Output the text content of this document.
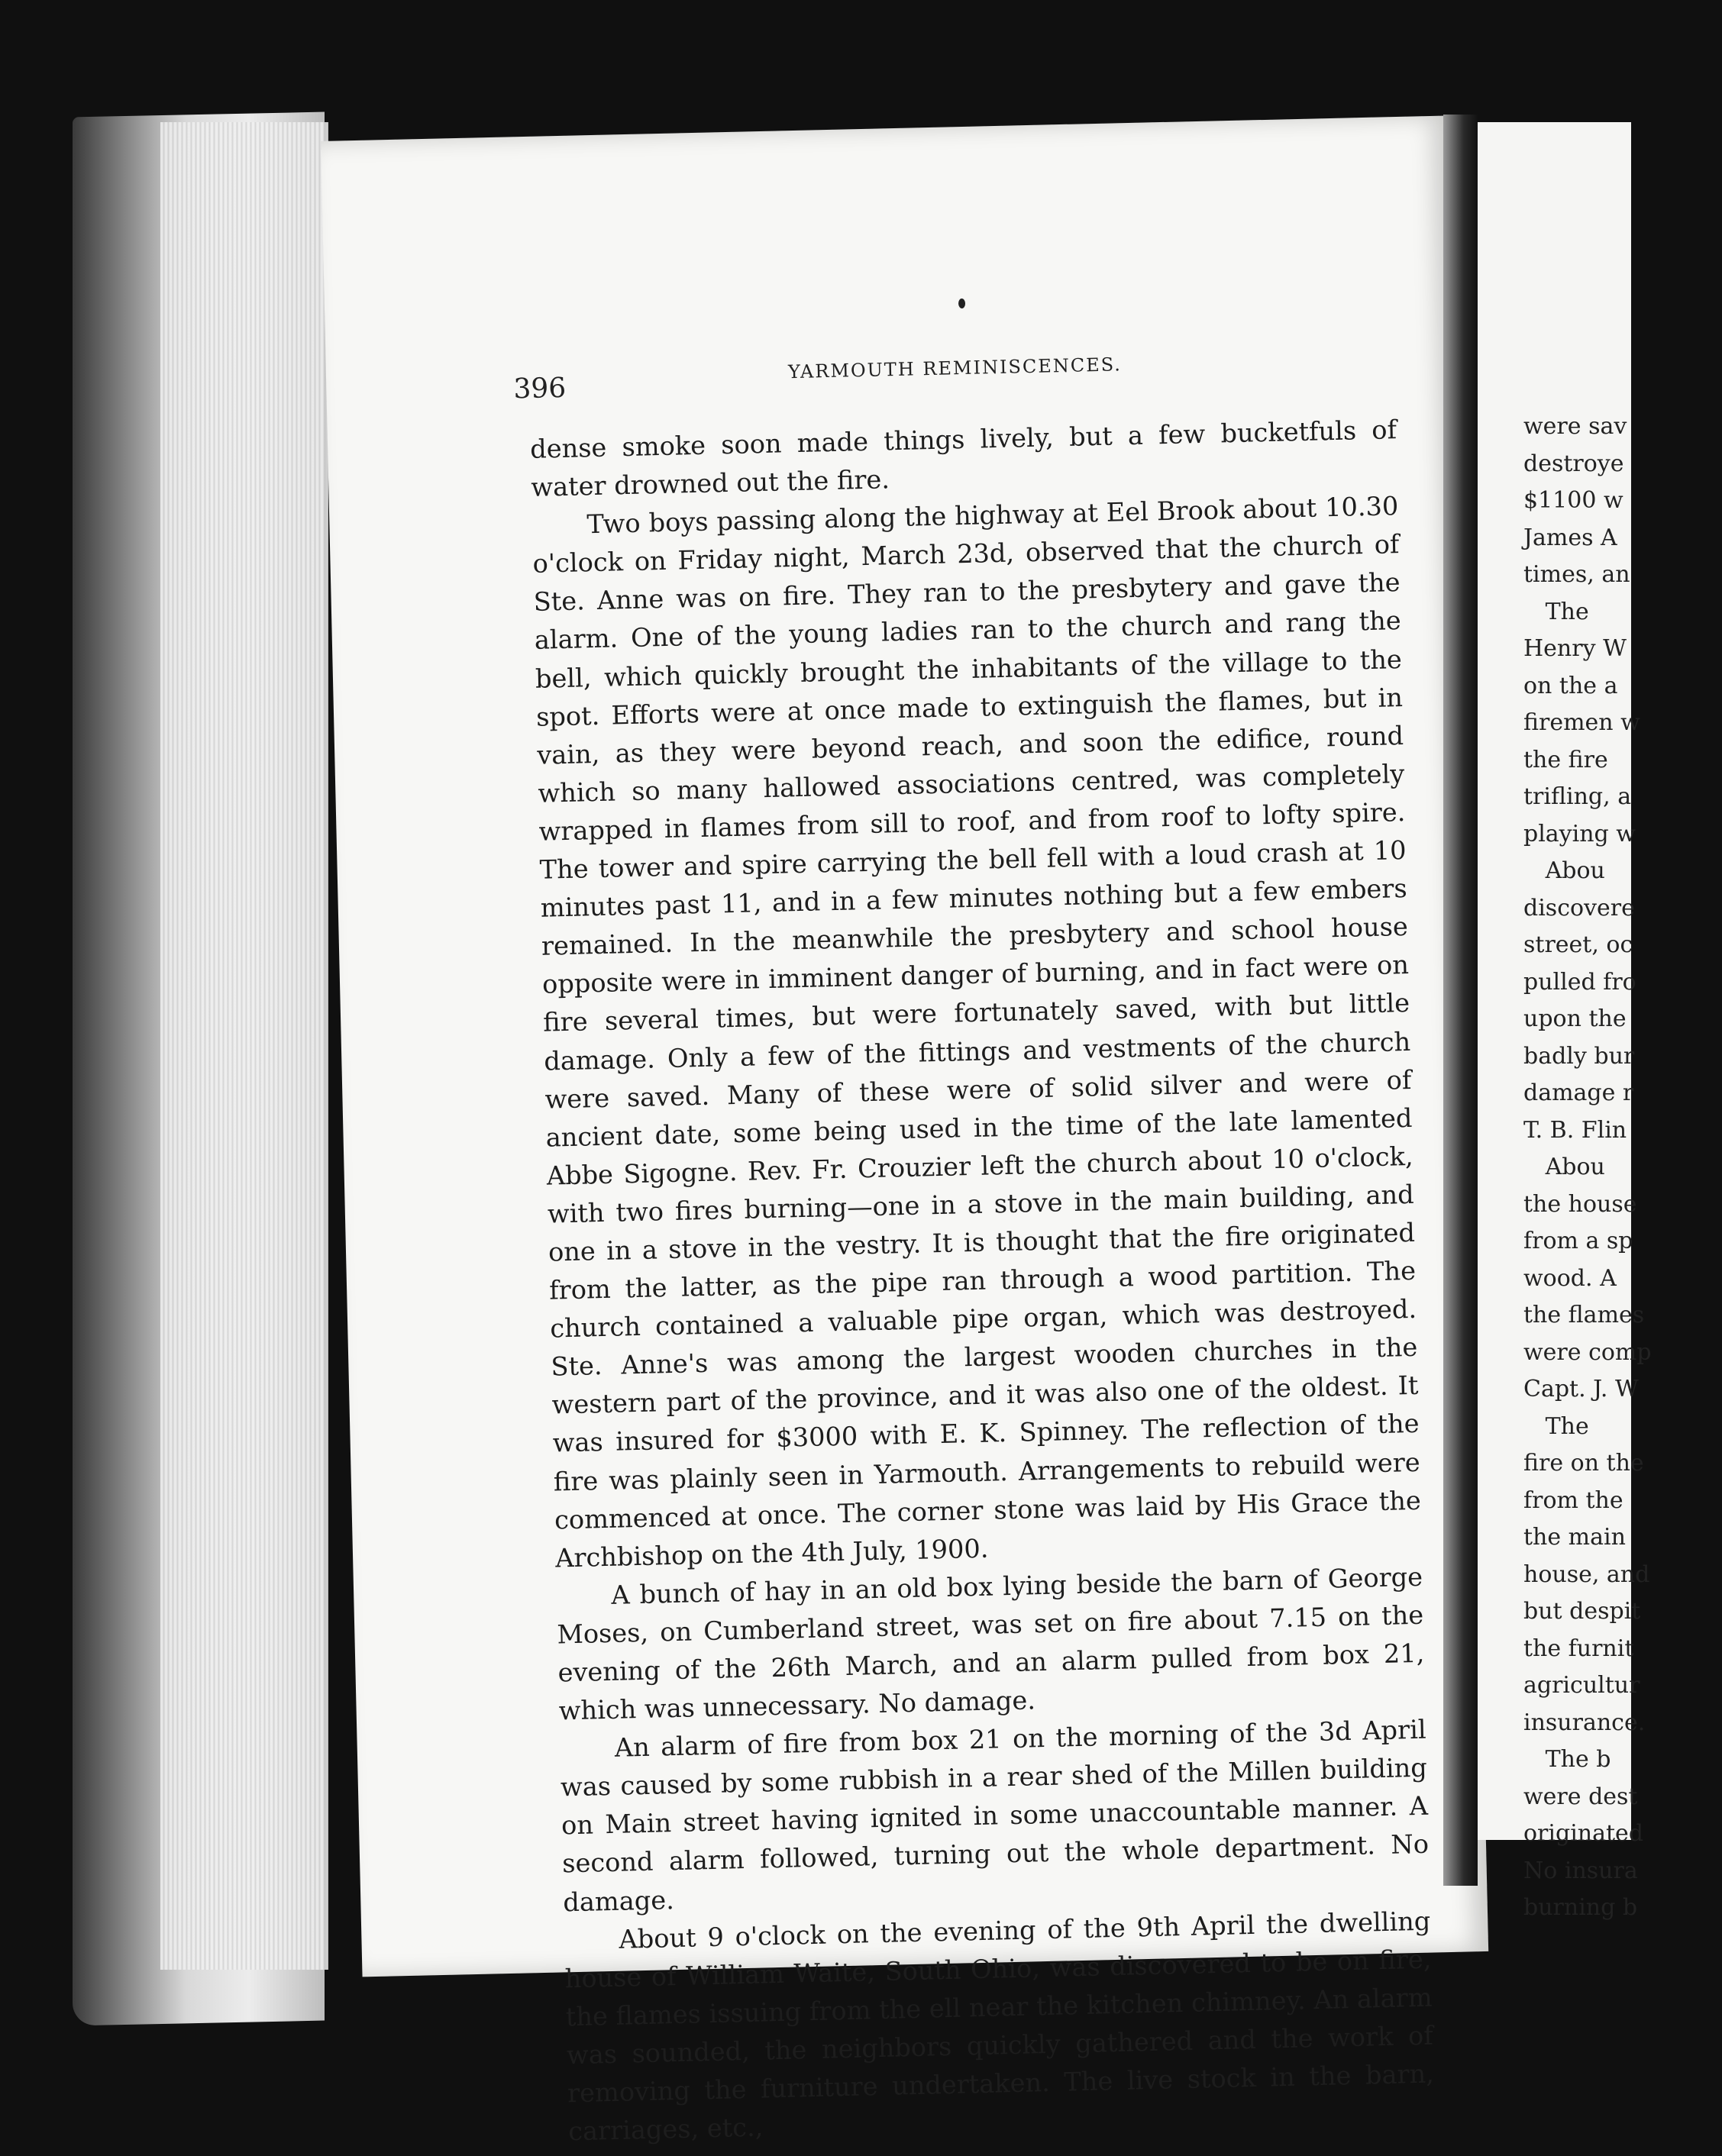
396
YARMOUTH REMINISCENCES.

dense smoke soon made things lively, but a few bucketfuls of water drowned out the fire.

Two boys passing along the highway at Eel Brook about 10.30 o'clock on Friday night, March 23d, observed that the church of Ste. Anne was on fire. They ran to the presbytery and gave the alarm. One of the young ladies ran to the church and rang the bell, which quickly brought the inhabitants of the village to the spot. Efforts were at once made to extinguish the flames, but in vain, as they were beyond reach, and soon the edifice, round which so many hallowed associations centred, was completely wrapped in flames from sill to roof, and from roof to lofty spire. The tower and spire carrying the bell fell with a loud crash at 10 minutes past 11, and in a few minutes nothing but a few embers remained. In the meanwhile the presbytery and school house opposite were in imminent danger of burning, and in fact were on fire several times, but were fortunately saved, with but little damage. Only a few of the fittings and vestments of the church were saved. Many of these were of solid silver and were of ancient date, some being used in the time of the late lamented Abbe Sigogne. Rev. Fr. Crouzier left the church about 10 o'clock, with two fires burning—one in a stove in the main building, and one in a stove in the vestry. It is thought that the fire originated from the latter, as the pipe ran through a wood partition. The church contained a valuable pipe organ, which was destroyed. Ste. Anne's was among the largest wooden churches in the western part of the province, and it was also one of the oldest. It was insured for $3000 with E. K. Spinney. The reflection of the fire was plainly seen in Yarmouth. Arrangements to rebuild were commenced at once. The corner stone was laid by His Grace the Archbishop on the 4th July, 1900.

A bunch of hay in an old box lying beside the barn of George Moses, on Cumberland street, was set on fire about 7.15 on the evening of the 26th March, and an alarm pulled from box 21, which was unnecessary. No damage.

An alarm of fire from box 21 on the morning of the 3d April was caused by some rubbish in a rear shed of the Millen building on Main street having ignited in some unaccountable manner. A second alarm followed, turning out the whole department. No damage.

About 9 o'clock on the evening of the 9th April the dwelling house of William Waite, South Ohio, was discovered to be on fire, the flames issuing from the ell near the kitchen chimney. An alarm was sounded, the neighbors quickly gathered and the work of removing the furniture undertaken. The live stock in the barn, carriages, etc.,

were sav
destroye
$1100 w
James A
times, an
The
Henry W
on the a
firemen w
the fire
trifling, a
playing w
Abou
discovere
street, oc
pulled fro
upon the
badly bur
damage r
T. B. Flin
Abou
the house
from a sp
wood. A
the flames
were comp
Capt. J. W
The
fire on the
from the
the main
house, and
but despit
the furnit
agricultur
insurance.
The b
were dest
originated
No insura
burning b
